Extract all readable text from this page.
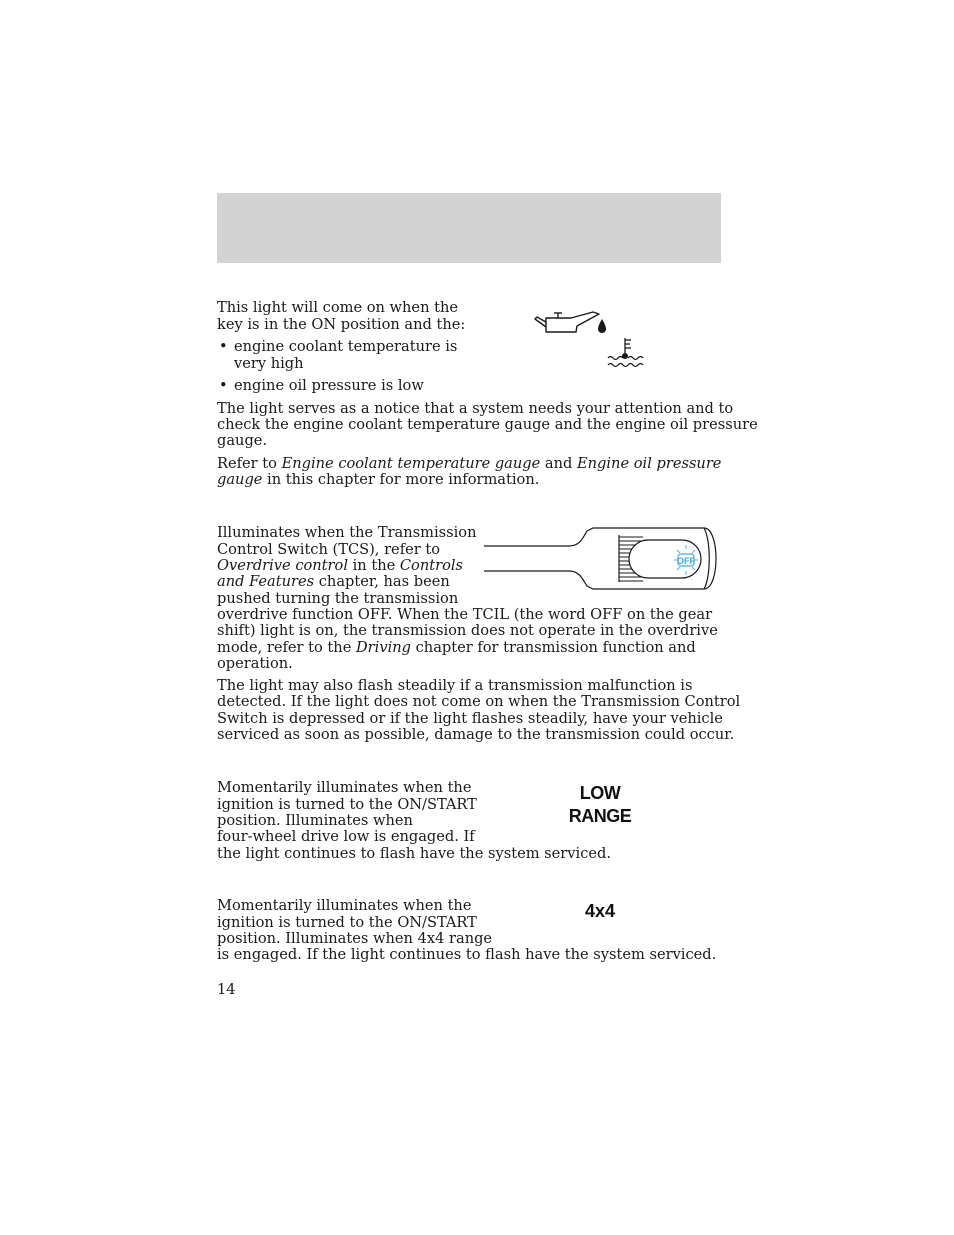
This light will come on when the

key is in the ON position and the:

• engine coolant temperature is
very high
• engine oil pressure is low

The light serves as a notice that a system needs your attention and to

check the engine coolant temperature gauge and the engine oil pressure

gauge.

Refer to Engine coolant temperature gauge and Engine oil pressure

gauge in this chapter for more information.

Illuminates when the Transmission

Control Switch (TCS), refer to

Overdrive control in the Controls

and Features chapter, has been

pushed turning the transmission

overdrive function OFF. When the TCIL (the word OFF on the gear

shift) light is on, the transmission does not operate in the overdrive

mode, refer to the Driving chapter for transmission function and

operation.

OFF

The light may also flash steadily if a transmission malfunction is

detected. If the light does not come on when the Transmission Control

Switch is depressed or if the light flashes steadily, have your vehicle

serviced as soon as possible, damage to the transmission could occur.

Momentarily illuminates when the

ignition is turned to the ON/START

position. Illuminates when

four-wheel drive low is engaged. If

the light continues to flash have the system serviced.

LOW
RANGE

Momentarily illuminates when the

ignition is turned to the ON/START

position. Illuminates when 4x4 range

is engaged. If the light continues to flash have the system serviced.

4x4
14
